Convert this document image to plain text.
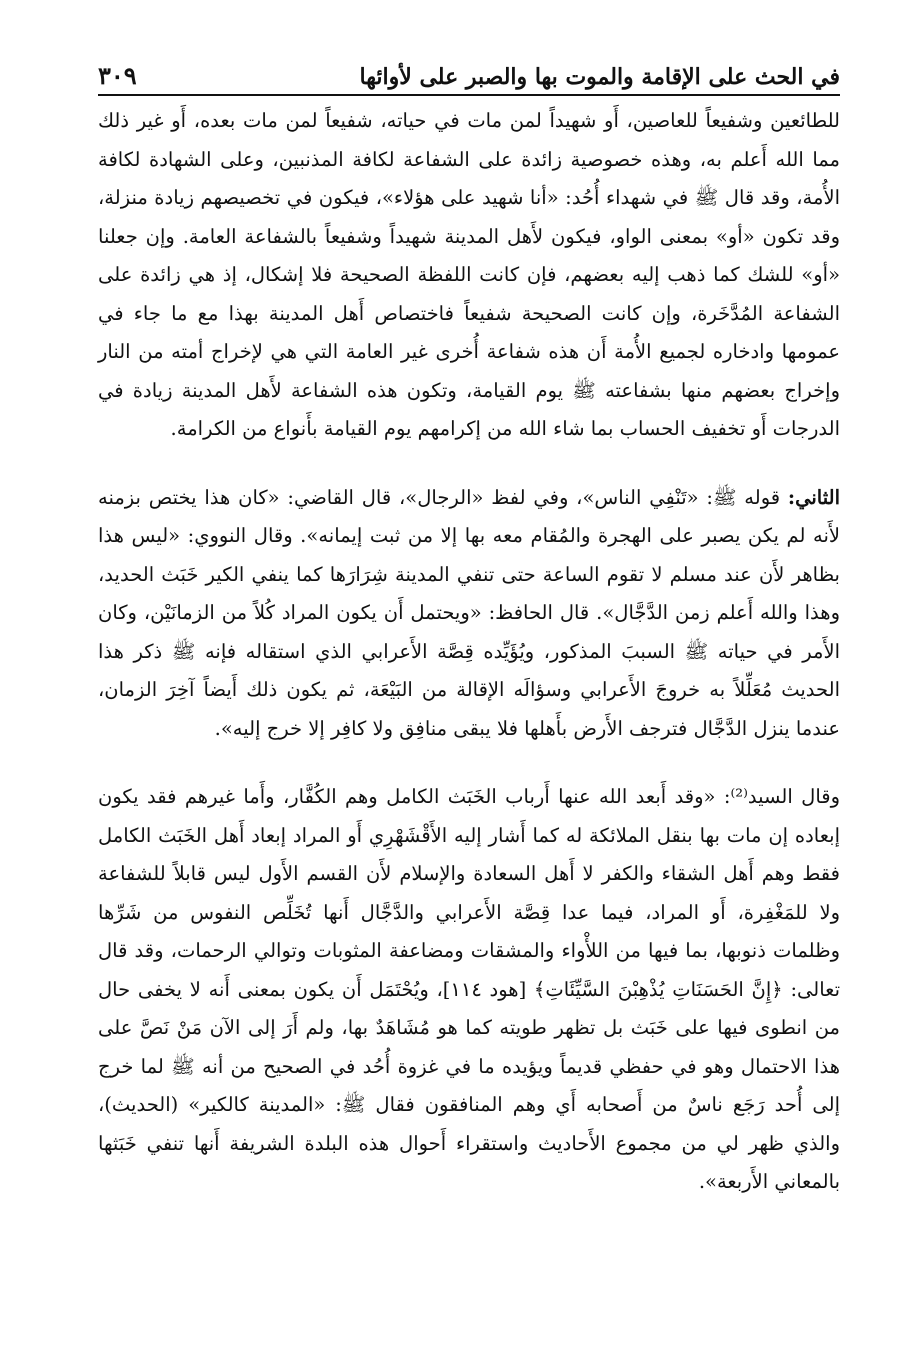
في الحث على الإقامة والموت بها والصبر على لأوائها
٣٠٩

للطائعين وشفيعاً للعاصين، أَو شهيداً لمن مات في حياته، شفيعاً لمن مات بعده، أَو غير ذلك مما الله أَعلم به، وهذه خصوصية زائدة على الشفاعة لكافة المذنبين، وعلى الشهادة لكافة الأُمة، وقد قال ﷺ في شهداء أُحُد: «أنا شهيد على هؤلاء»، فيكون في تخصيصهم زيادة منزلة، وقد تكون «أو» بمعنى الواو، فيكون لأَهل المدينة شهيداً وشفيعاً بالشفاعة العامة. وإن جعلنا «أو» للشك كما ذهب إليه بعضهم، فإن كانت اللفظة الصحيحة فلا إشكال، إذ هي زائدة على الشفاعة المُدَّخَرة، وإن كانت الصحيحة شفيعاً فاختصاص أَهل المدينة بهذا مع ما جاء في عمومها وادخاره لجميع الأُمة أَن هذه شفاعة أُخرى غير العامة التي هي لإخراج أمته من النار وإخراج بعضهم منها بشفاعته ﷺ يوم القيامة، وتكون هذه الشفاعة لأَهل المدينة زيادة في الدرجات أَو تخفيف الحساب بما شاء الله من إكرامهم يوم القيامة بأَنواع من الكرامة.

الثاني: قوله ﷺ: «تَنْفِي الناس»، وفي لفظ «الرجال»، قال القاضي: «كان هذا يختص بزمنه لأَنه لم يكن يصبر على الهجرة والمُقام معه بها إلا من ثبت إيمانه». وقال النووي: «ليس هذا بظاهر لأَن عند مسلم لا تقوم الساعة حتى تنفي المدينة شِرَارَها كما ينفي الكير خَبَث الحديد، وهذا والله أَعلم زمن الدَّجَّال». قال الحافظ: «ويحتمل أَن يكون المراد كُلاً من الزمانَيْن، وكان الأَمر في حياته ﷺ السببَ المذكور، ويُؤَيِّده قِصَّة الأَعرابي الذي استقاله فإنه ﷺ ذكر هذا الحديث مُعَلِّلاً به خروجَ الأَعرابي وسؤالَه الإقالة من البَيْعَة، ثم يكون ذلك أَيضاً آخِرَ الزمان، عندما ينزل الدَّجَّال فترجف الأَرض بأَهلها فلا يبقى منافِق ولا كافِر إلا خرج إليه».

وقال السيد⁽²⁾: «وقد أَبعد الله عنها أَرباب الخَبَث الكامل وهم الكُفَّار، وأَما غيرهم فقد يكون إبعاده إن مات بها بنقل الملائكة له كما أَشار إليه الأَقْشَهْرِي أَو المراد إبعاد أَهل الخَبَث الكامل فقط وهم أَهل الشقاء والكفر لا أَهل السعادة والإسلام لأَن القسم الأَول ليس قابلاً للشفاعة ولا للمَغْفِرة، أَو المراد، فيما عدا قِصَّة الأَعرابي والدَّجَّال أَنها تُخَلِّص النفوس من شَرِّها وظلمات ذنوبها، بما فيها من اللأْواء والمشقات ومضاعفة المثوبات وتوالي الرحمات، وقد قال تعالى: ﴿إِنَّ الحَسَنَاتِ يُذْهِبْنَ السَّيِّئَاتِ﴾ [هود ١١٤]، ويُحْتَمَل أَن يكون بمعنى أَنه لا يخفى حال من انطوى فيها على خَبَث بل تظهر طويته كما هو مُشَاهَدٌ بها، ولم أَرَ إلى الآن مَنْ نَصَّ على هذا الاحتمال وهو في حفظي قديماً ويؤيده ما في غزوة أُحُد في الصحيح من أنه ﷺ لما خرج إلى أُحد رَجَع ناسٌ من أَصحابه أَي وهم المنافقون فقال ﷺ: «المدينة كالكير» (الحديث)، والذي ظهر لي من مجموع الأَحاديث واستقراء أَحوال هذه البلدة الشريفة أَنها تنفي خَبَثها بالمعاني الأَربعة».
